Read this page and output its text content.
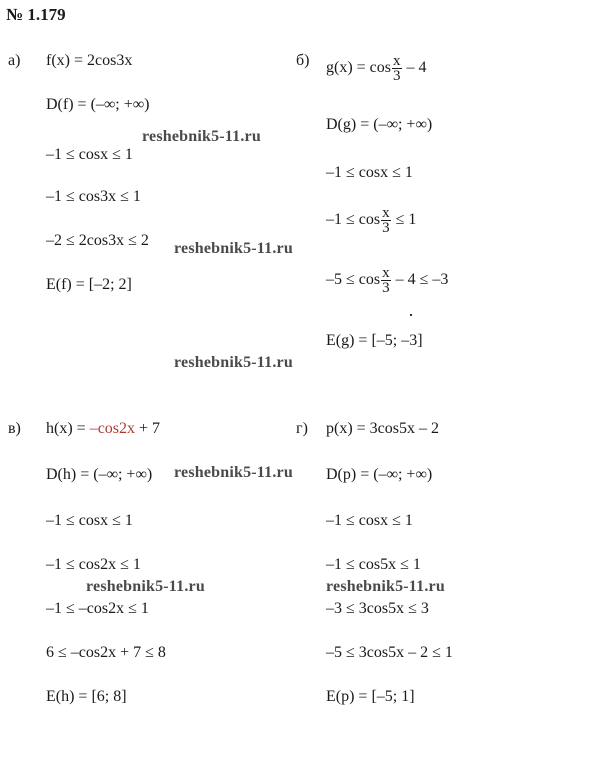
№ 1.179
а) f(x) = 2cos3x
D(f) = (–∞; +∞)
–1 ≤ cosx ≤ 1
–1 ≤ cos3x ≤ 1
–2 ≤ 2cos3x ≤ 2
E(f) = [–2; 2]
б) $g(x) = \cos \frac{x}{3} - 4$
D(g) = (–∞; +∞)
–1 ≤ cosx ≤ 1
$-1 \le \cos \frac{x}{3} \le 1$
$-5 \le \cos \frac{x}{3} - 4 \le -3$
E(g) = [–5; –3]
в) h(x) = –cos2x + 7
D(h) = (–∞; +∞)
–1 ≤ cosx ≤ 1
–1 ≤ cos2x ≤ 1
–1 ≤ –cos2x ≤ 1
6 ≤ –cos2x + 7 ≤ 8
E(h) = [6; 8]
г) p(x) = 3cos5x – 2
D(p) = (–∞; +∞)
–1 ≤ cosx ≤ 1
–1 ≤ cos5x ≤ 1
–3 ≤ 3cos5x ≤ 3
–5 ≤ 3cos5x – 2 ≤ 1
E(p) = [–5; 1]
reshebnik5-11.ru
reshebnik5-11.ru
reshebnik5-11.ru
reshebnik5-11.ru
reshebnik5-11.ru	reshebnik5-11.ru
